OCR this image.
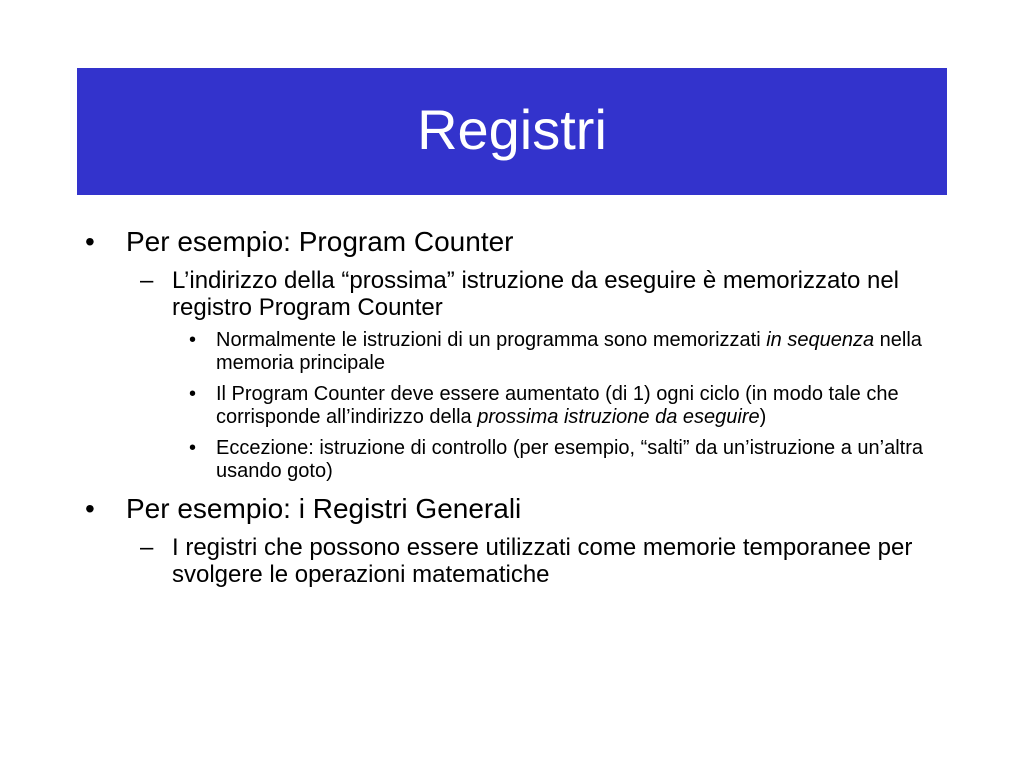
Registri
• Per esempio: Program Counter
– L’indirizzo della “prossima” istruzione da eseguire è memorizzato nel registro Program Counter
• Normalmente le istruzioni di un programma sono memorizzati in sequenza nella memoria principale
• Il Program Counter deve essere aumentato (di 1) ogni ciclo (in modo tale che corrisponde all’indirizzo della prossima istruzione da eseguire)
• Eccezione: istruzione di controllo (per esempio, “salti” da un’istruzione a un’altra usando goto)
• Per esempio: i Registri Generali
– I registri che possono essere utilizzati come memorie temporanee per svolgere le operazioni matematiche
